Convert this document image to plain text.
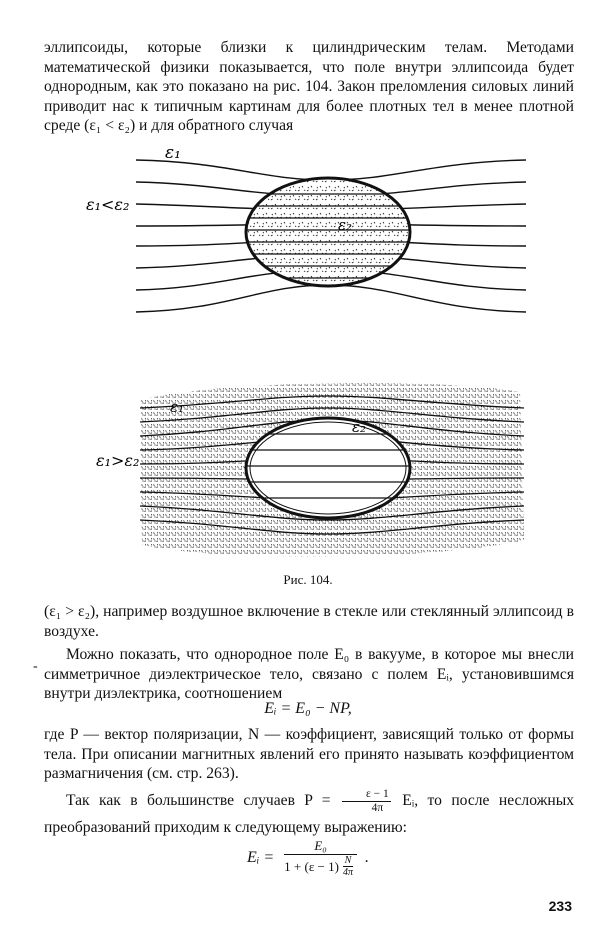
эллипсоиды, которые близки к цилиндрическим телам. Методами математической физики показывается, что поле внутри эллипсоида будет однородным, как это показано на рис. 104. Закон преломления силовых линий приводит нас к типичным картинам для более плотных тел в менее плотной среде (ε₁ < ε₂) и для обратного случая

ε₁
ε₁<ε₂
ε₂
ε₁
ε₁>ε₂
ε₂
Рис. 104.

(ε₁ > ε₂), например воздушное включение в стекле или стеклянный эллипсоид в воздухе.

-

Можно показать, что однородное поле E₀ в вакууме, в которое мы внесли симметричное диэлектрическое тело, связано с полем Eᵢ, установившимся внутри диэлектрика, соотношением

Eᵢ = E₀ − NP,

где P — вектор поляризации, N — коэффициент, зависящий только от формы тела. При описании магнитных явлений его принято называть коэффициентом размагничения (см. стр. 263).

Так как в большинстве случаев $P = \frac{\varepsilon - 1}{4\pi}$ Eᵢ, то после несложных преобразований приходим к следующему выражению:

Eᵢ = $\frac{\text{E₀}}{1 + (\varepsilon - 1) \frac{N}{4\pi}}$ .
233
